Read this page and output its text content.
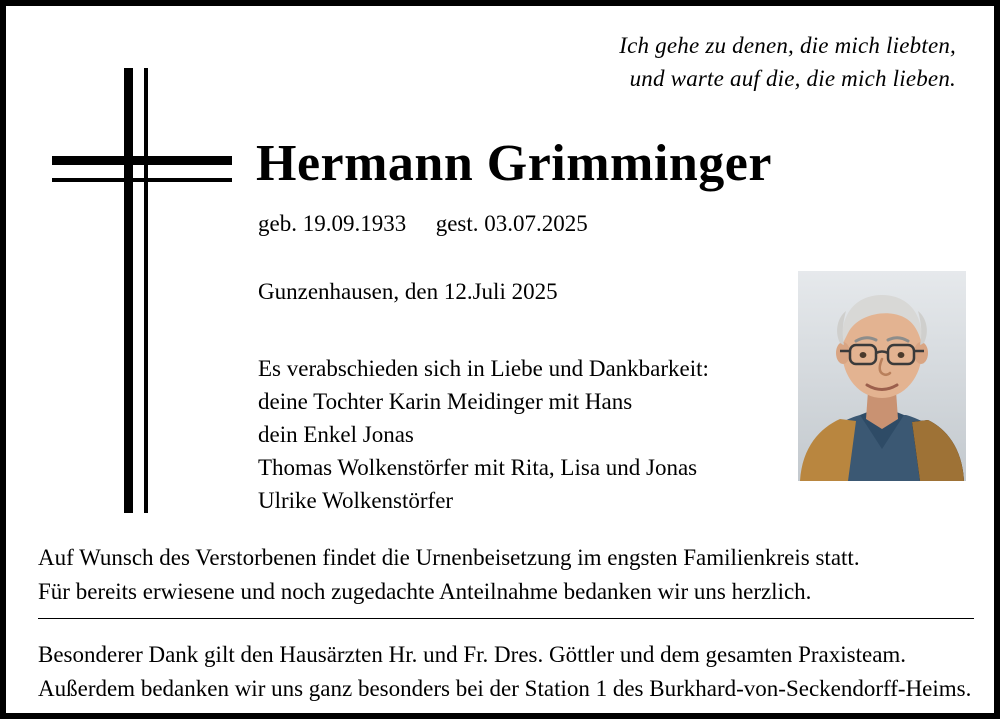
Ich gehe zu denen, die mich liebten,
und warte auf die, die mich lieben.
Hermann Grimminger
geb. 19.09.1933 gest. 03.07.2025
Gunzenhausen, den 12.Juli 2025
Es verabschieden sich in Liebe und Dankbarkeit:
deine Tochter Karin Meidinger mit Hans
dein Enkel Jonas
Thomas Wolkenstörfer mit Rita, Lisa und Jonas
Ulrike Wolkenstörfer
Auf Wunsch des Verstorbenen findet die Urnenbeisetzung im engsten Familienkreis statt.
Für bereits erwiesene und noch zugedachte Anteilnahme bedanken wir uns herzlich.
Besonderer Dank gilt den Hausärzten Hr. und Fr. Dres. Göttler und dem gesamten Praxisteam.
Außerdem bedanken wir uns ganz besonders bei der Station 1 des Burkhard-von-Seckendorff-Heims.
